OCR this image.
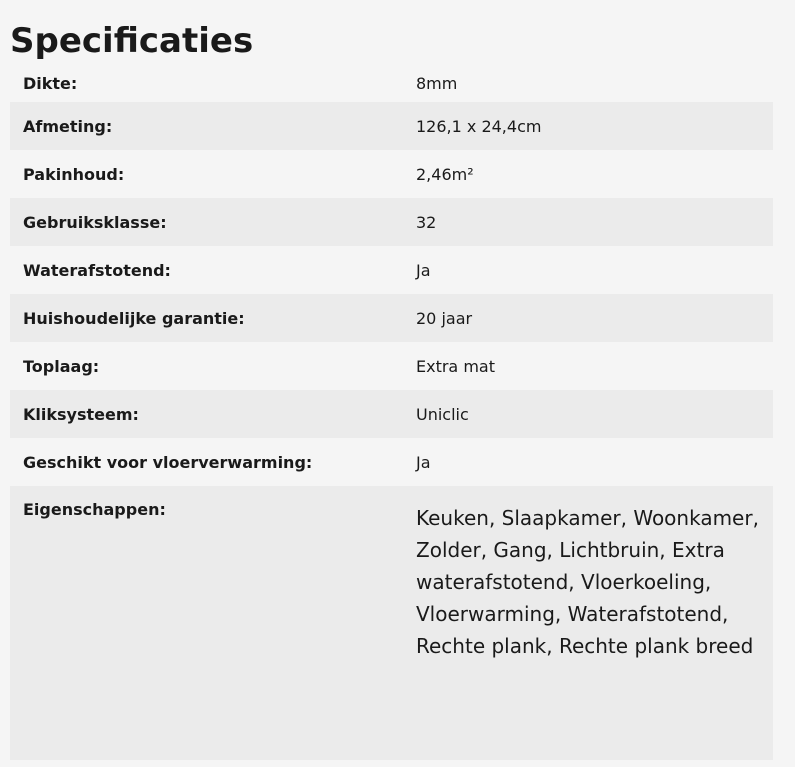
Specificaties
Dikte:	8mm
Afmeting:	126,1 x 24,4cm
Pakinhoud:	2,46m²
Gebruiksklasse:	32
Waterafstotend:	Ja
Huishoudelijke garantie:	20 jaar
Toplaag:	Extra mat
Kliksysteem:	Uniclic
Geschikt voor vloerverwarming:	Ja
Eigenschappen:	Keuken, Slaapkamer, Woonkamer, Zolder, Gang, Lichtbruin, Extra waterafstotend, Vloerkoeling, Vloerwarming, Waterafstotend, Rechte plank, Rechte plank breed
